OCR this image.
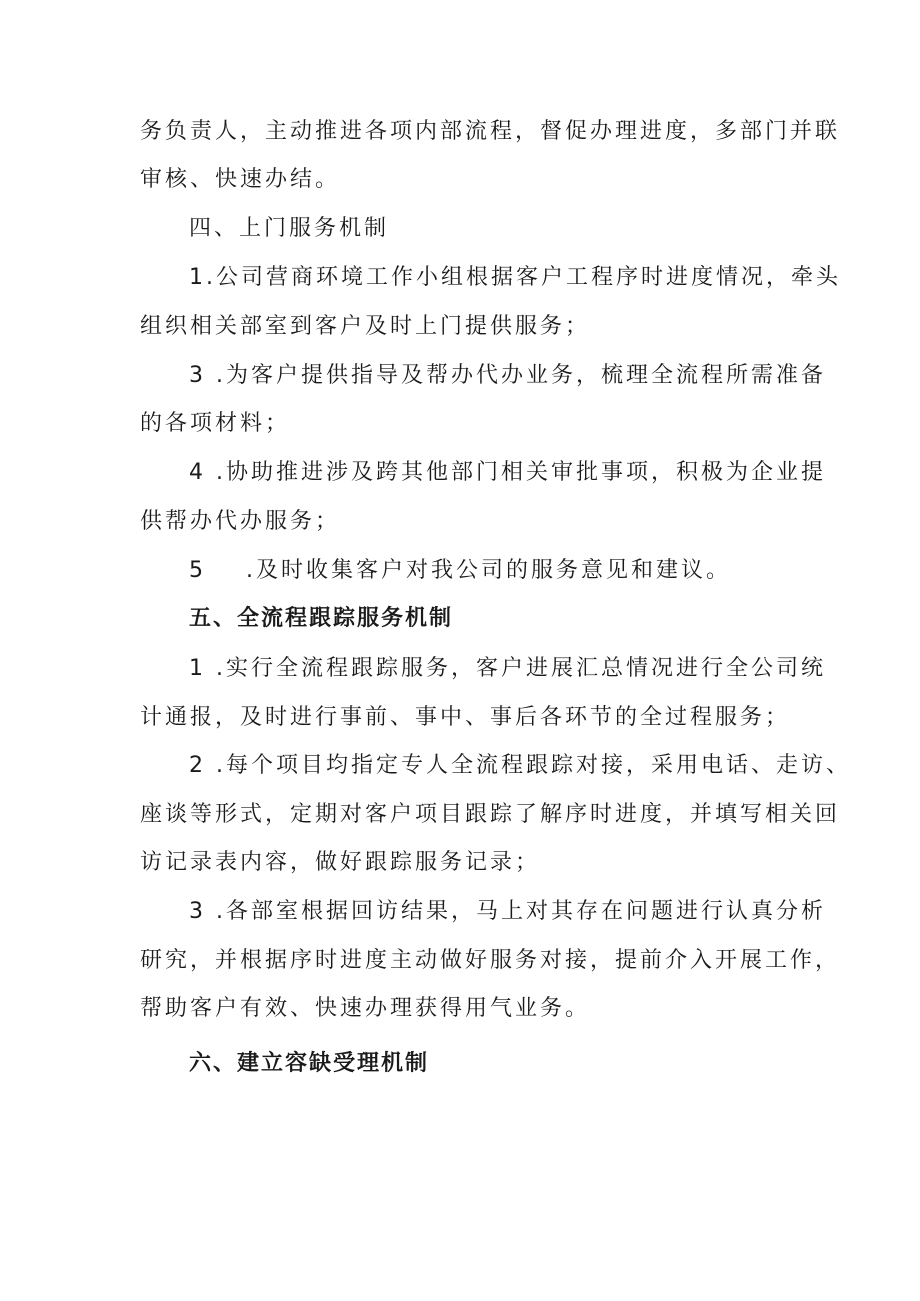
务负责人，主动推进各项内部流程，督促办理进度，多部门并联
审核、快速办结。
四、上门服务机制
1.公司营商环境工作小组根据客户工程序时进度情况，牵头
组织相关部室到客户及时上门提供服务；
3 .为客户提供指导及帮办代办业务，梳理全流程所需准备
的各项材料；
4 .协助推进涉及跨其他部门相关审批事项，积极为企业提
供帮办代办服务；
5 .及时收集客户对我公司的服务意见和建议。
五、全流程跟踪服务机制
1 .实行全流程跟踪服务，客户进展汇总情况进行全公司统
计通报，及时进行事前、事中、事后各环节的全过程服务；
2 .每个项目均指定专人全流程跟踪对接，采用电话、走访、
座谈等形式，定期对客户项目跟踪了解序时进度，并填写相关回
访记录表内容，做好跟踪服务记录；
3 .各部室根据回访结果，马上对其存在问题进行认真分析
研究，并根据序时进度主动做好服务对接，提前介入开展工作，
帮助客户有效、快速办理获得用气业务。
六、建立容缺受理机制
